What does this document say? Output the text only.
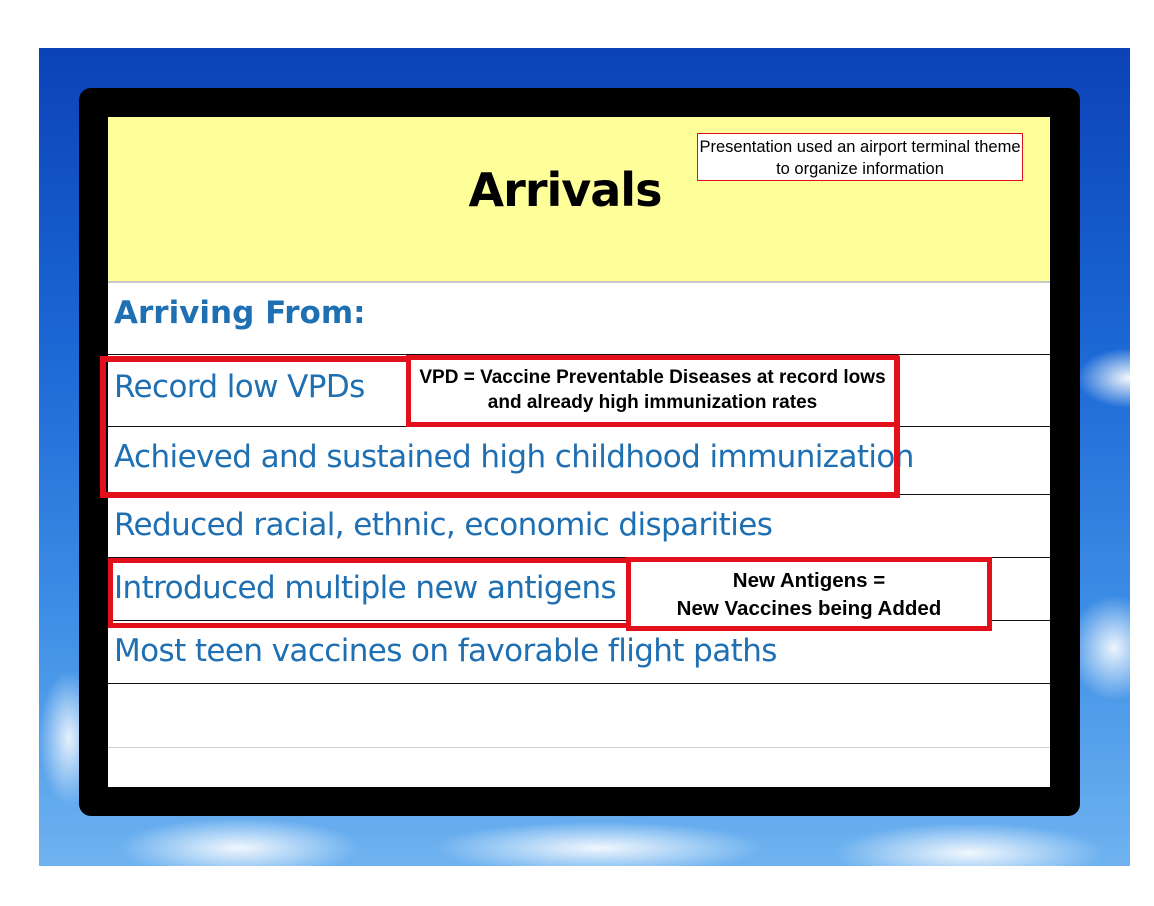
Arrivals
Presentation used an airport terminal theme to organize information
Arriving From:
Record low VPDs
Achieved and sustained high childhood immunization
Reduced racial, ethnic, economic disparities
Introduced multiple new antigens
Most teen vaccines on favorable flight paths
VPD = Vaccine Preventable Diseases at record lows and already high immunization rates
New Antigens =
New Vaccines being Added
